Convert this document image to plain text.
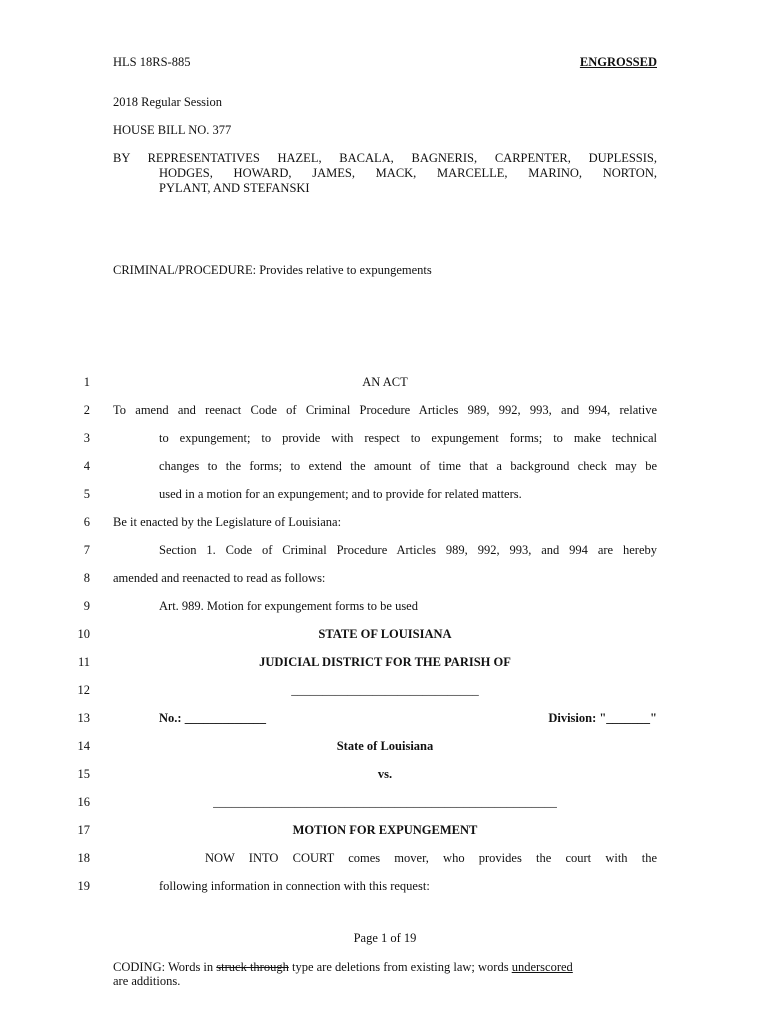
HLS 18RS-885	ENGROSSED
2018 Regular Session
HOUSE BILL NO. 377
BY REPRESENTATIVES HAZEL, BACALA, BAGNERIS, CARPENTER, DUPLESSIS,
HODGES, HOWARD, JAMES, MACK, MARCELLE, MARINO, NORTON,
PYLANT, AND STEFANSKI
CRIMINAL/PROCEDURE: Provides relative to expungements
1	AN ACT
2 To amend and reenact Code of Criminal Procedure Articles 989, 992, 993, and 994, relative
3	to expungement; to provide with respect to expungement forms; to make technical
4	changes to the forms; to extend the amount of time that a background check may be
5	used in a motion for an expungement; and to provide for related matters.
6 Be it enacted by the Legislature of Louisiana:
7	Section 1. Code of Criminal Procedure Articles 989, 992, 993, and 994 are hereby
8 amended and reenacted to read as follows:
9	Art. 989. Motion for expungement forms to be used
10	STATE OF LOUISIANA
11	JUDICIAL DISTRICT FOR THE PARISH OF
12	______________________________
13	No.: _____________	Division: "_______"
14	State of Louisiana
15	vs.
16	_______________________________________________________
17	MOTION FOR EXPUNGEMENT
18	NOW INTO COURT comes mover, who provides the court with the
19	following information in connection with this request:
Page 1 of 19
CODING: Words in struck through type are deletions from existing law; words underscored
are additions.
